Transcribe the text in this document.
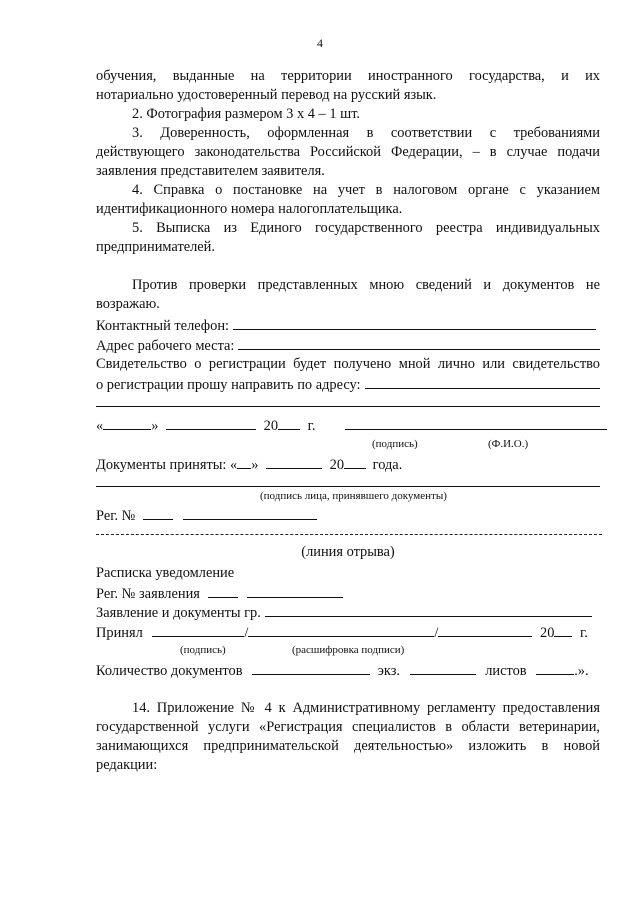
4
обучения, выданные на территории иностранного государства, и их
нотариально удостоверенный перевод на русский язык.
2. Фотография размером 3 х 4 – 1 шт.
3. Доверенность, оформленная в соответствии с требованиями
действующего законодательства Российской Федерации, – в случае подачи
заявления представителем заявителя.
4. Справка о постановке на учет в налоговом органе с указанием
идентификационного номера налогоплательщика.
5. Выписка из Единого государственного реестра индивидуальных
предпринимателей.
Против проверки представленных мною сведений и документов не
возражаю.
Контактный телефон:
Адрес рабочего места:
Свидетельство о регистрации будет получено мной лично или свидетельство
о регистрации прошу направить по адресу:
«	»	20 г.
(подпись)	(Ф.И.О.)
Документы приняты: « »	20 года.
(подпись лица, принявшего документы)
Рег. №
(линия отрыва)
Расписка уведомление
Рег. № заявления
Заявление и документы гр.
Принял	/	/	20 г.
(подпись)	(расшифровка подписи)
Количество документов	экз.	листов	.».
14. Приложение № 4 к Административному регламенту предоставления
государственной услуги «Регистрация специалистов в области ветеринарии,
занимающихся предпринимательской деятельностью» изложить в новой
редакции:
